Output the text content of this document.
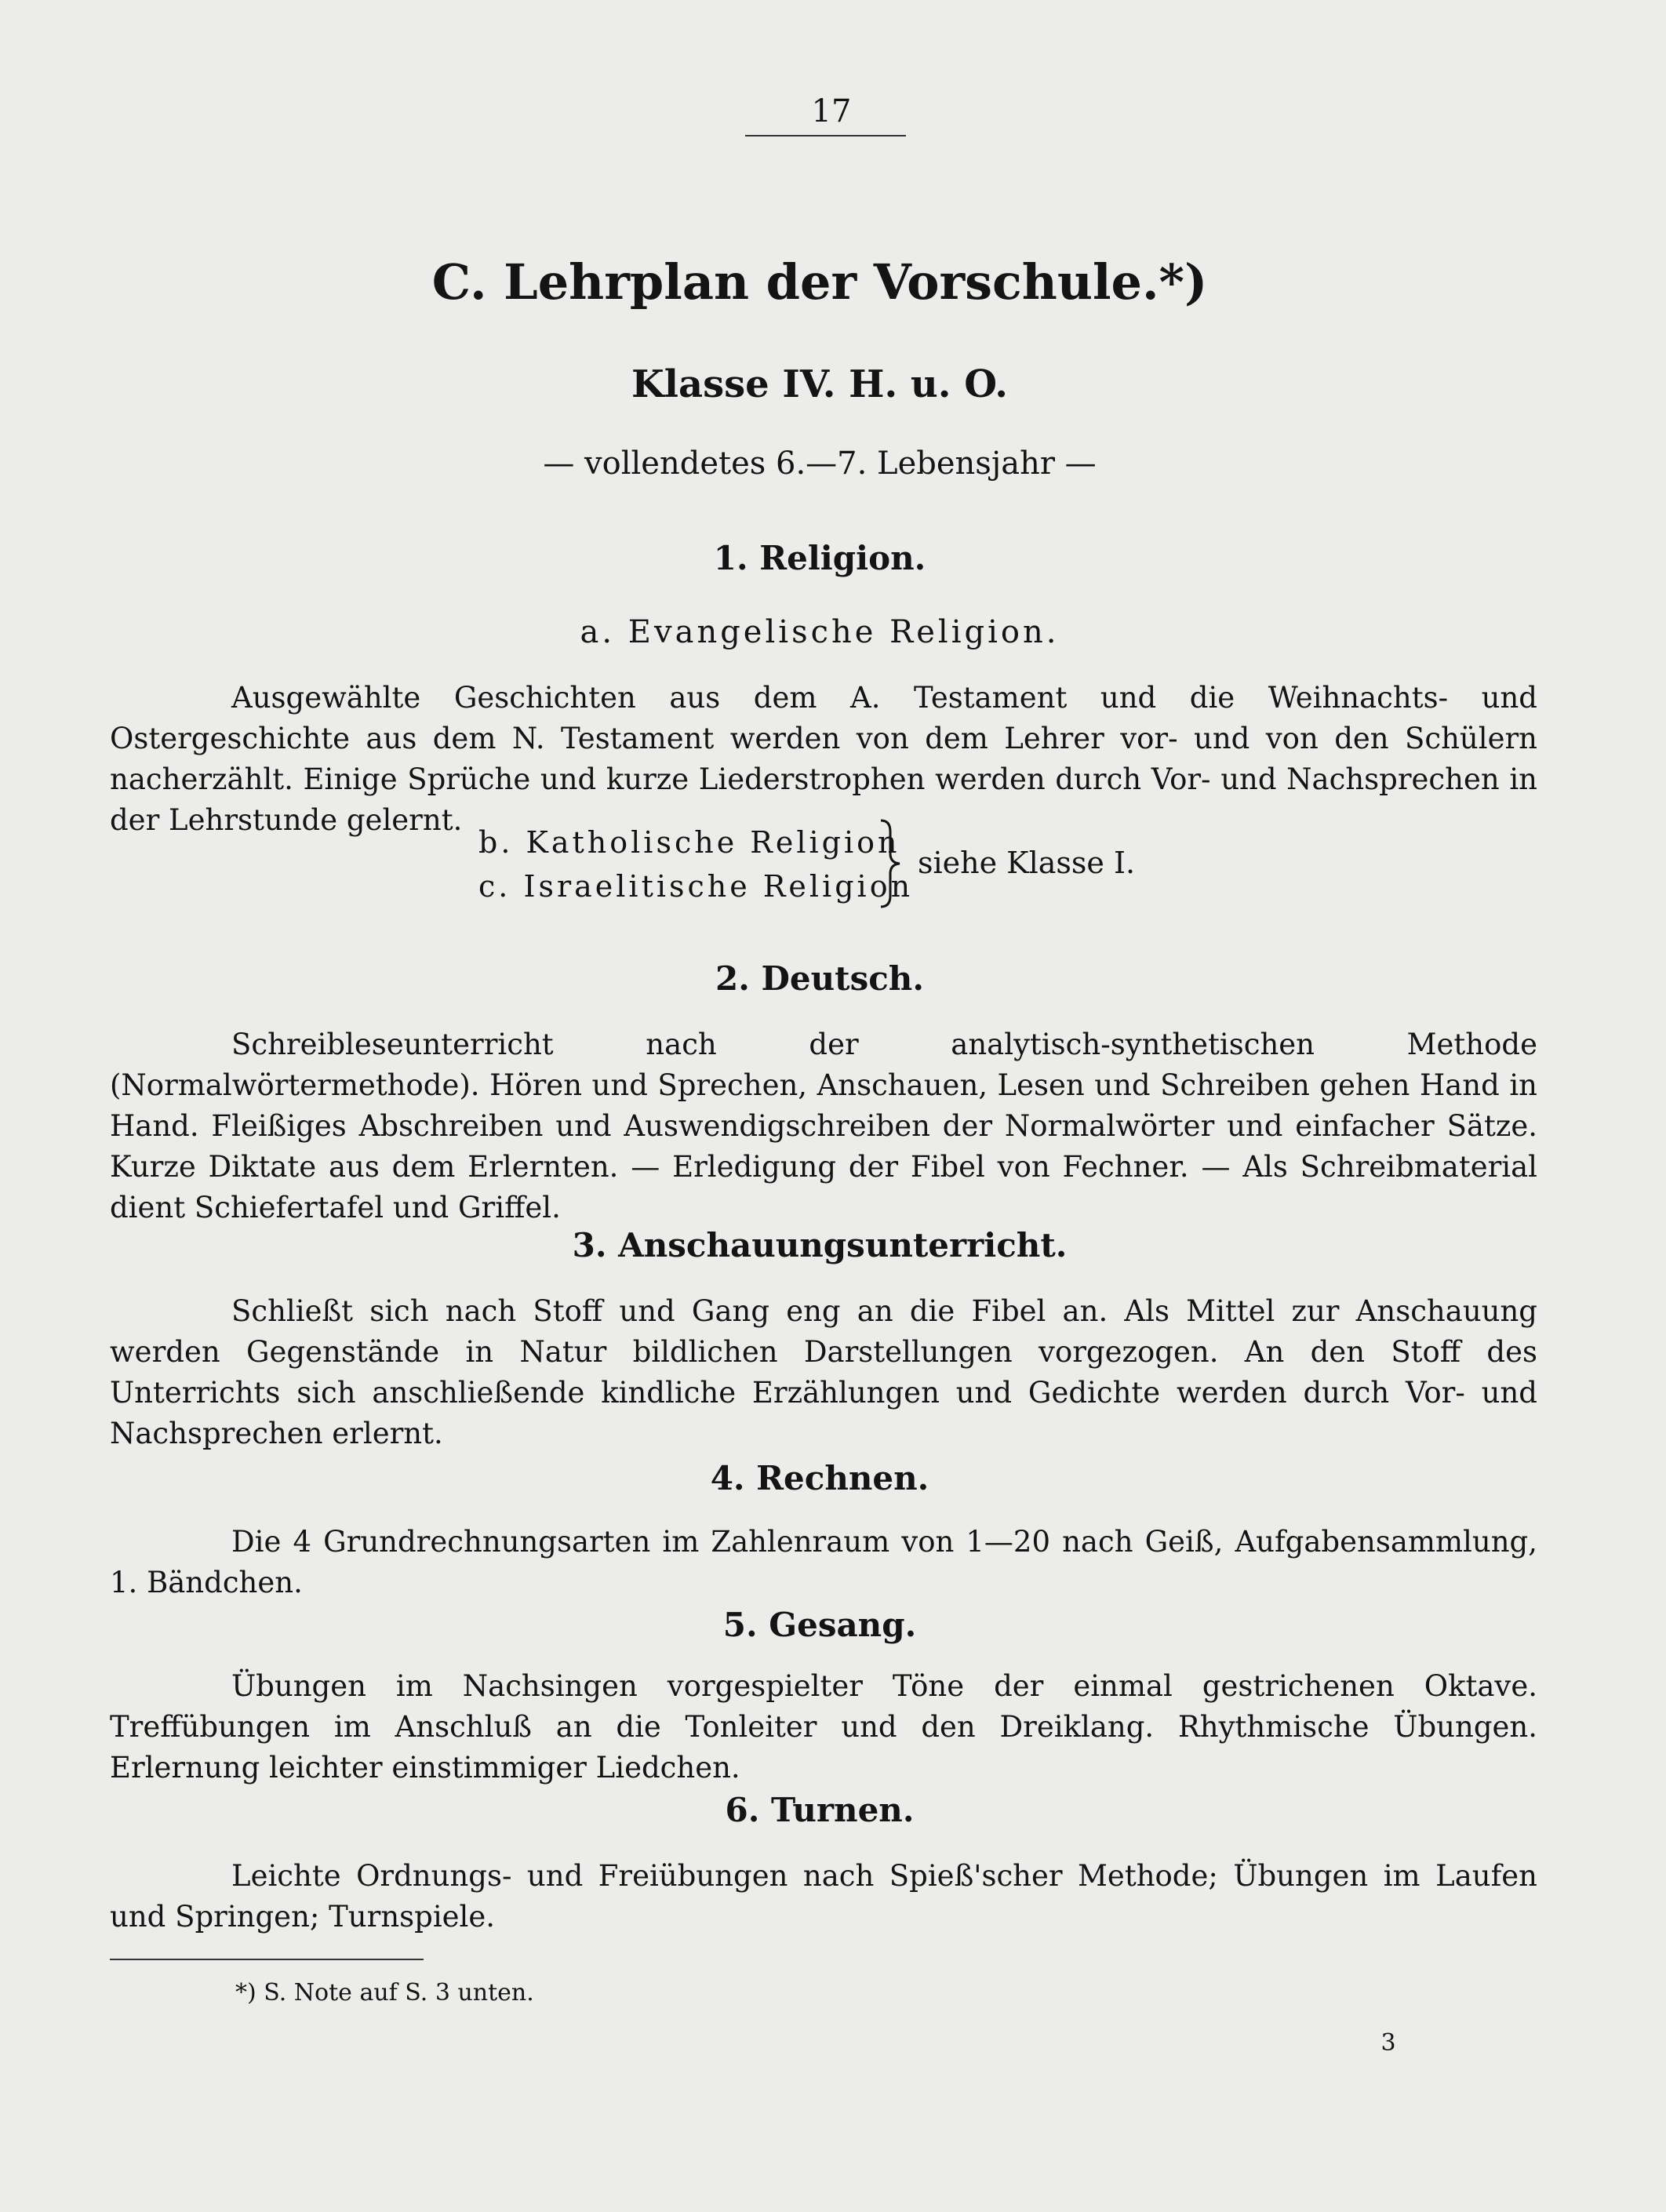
17
C. Lehrplan der Vorschule.*)
Klasse IV. H. u. O.
— vollendetes 6.—7. Lebensjahr —
1. Religion.
a. Evangelische Religion.
Ausgewählte Geschichten aus dem A. Testament und die Weihnachts- und Ostergeschichte aus dem N. Testament werden von dem Lehrer vor- und von den Schülern nacherzählt. Einige Sprüche und kurze Liederstrophen werden durch Vor- und Nachsprechen in der Lehrstunde gelernt.
b. Katholische Religion
c. Israelitische Religion
siehe Klasse I.
2. Deutsch.
Schreibleseunterricht nach der analytisch-synthetischen Methode (Normalwörtermethode). Hören und Sprechen, Anschauen, Lesen und Schreiben gehen Hand in Hand. Fleißiges Abschreiben und Auswendigschreiben der Normalwörter und einfacher Sätze. Kurze Diktate aus dem Erlernten. — Erledigung der Fibel von Fechner. — Als Schreibmaterial dient Schiefertafel und Griffel.
3. Anschauungsunterricht.
Schließt sich nach Stoff und Gang eng an die Fibel an. Als Mittel zur Anschauung werden Gegenstände in Natur bildlichen Darstellungen vorgezogen. An den Stoff des Unterrichts sich anschließende kindliche Erzählungen und Gedichte werden durch Vor- und Nachsprechen erlernt.
4. Rechnen.
Die 4 Grundrechnungsarten im Zahlenraum von 1—20 nach Geiß, Aufgabensammlung, 1. Bändchen.
5. Gesang.
Übungen im Nachsingen vorgespielter Töne der einmal gestrichenen Oktave. Treffübungen im Anschluß an die Tonleiter und den Dreiklang. Rhythmische Übungen. Erlernung leichter einstimmiger Liedchen.
6. Turnen.
Leichte Ordnungs- und Freiübungen nach Spieß'scher Methode; Übungen im Laufen und Springen; Turnspiele.
*) S. Note auf S. 3 unten.
3
